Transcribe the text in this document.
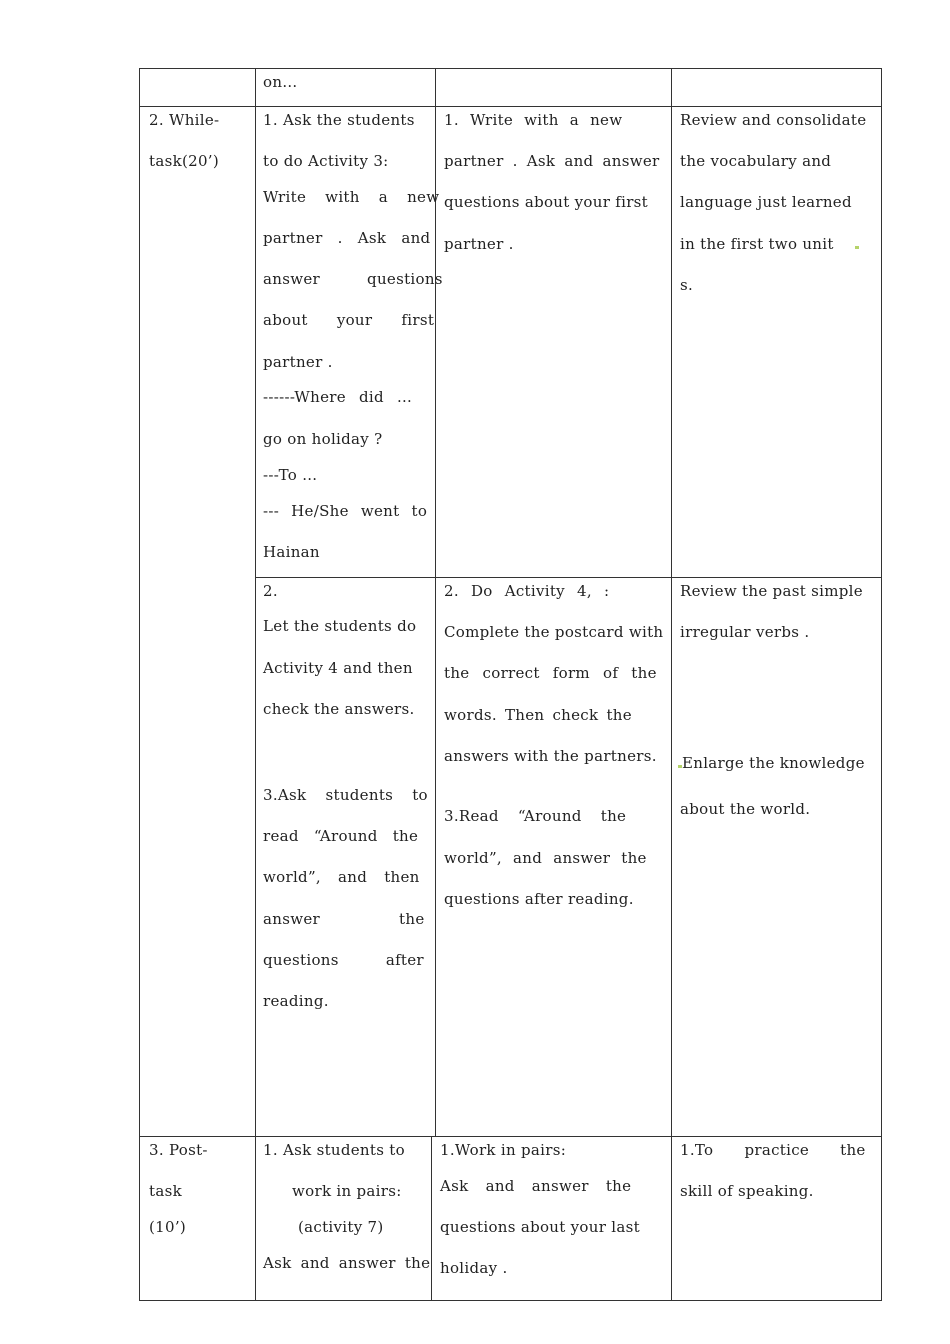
on…
2. While-
task(20’)
1. Ask the students
to do Activity 3:
Write with a new
partner . Ask and
answer questions
about your first
partner .
------Where did …
go on holiday ?
---To …
--- He/She went to
Hainan
1. Write with a new
partner . Ask and answer
questions about your first
partner .
Review and consolidate
the vocabulary and
language just learned
in the first two unit
s.
2.
Let the students do
Activity 4 and then
check the answers.
3.Ask students to
read “Around the
world”, and then
answer the
questions after
reading.
2. Do Activity 4, :
Complete the postcard with
the correct form of the
words. Then check the
answers with the partners.
3.Read “Around the
world”, and answer the
questions after reading.
Review the past simple
irregular verbs .
Enlarge the knowledge
about the world.
3. Post-
task
(10’)
1. Ask students to
work in pairs:
(activity 7)
Ask and answer the
1.Work in pairs:
Ask and answer the
questions about your last
holiday .
1.To practice the
skill of speaking.
